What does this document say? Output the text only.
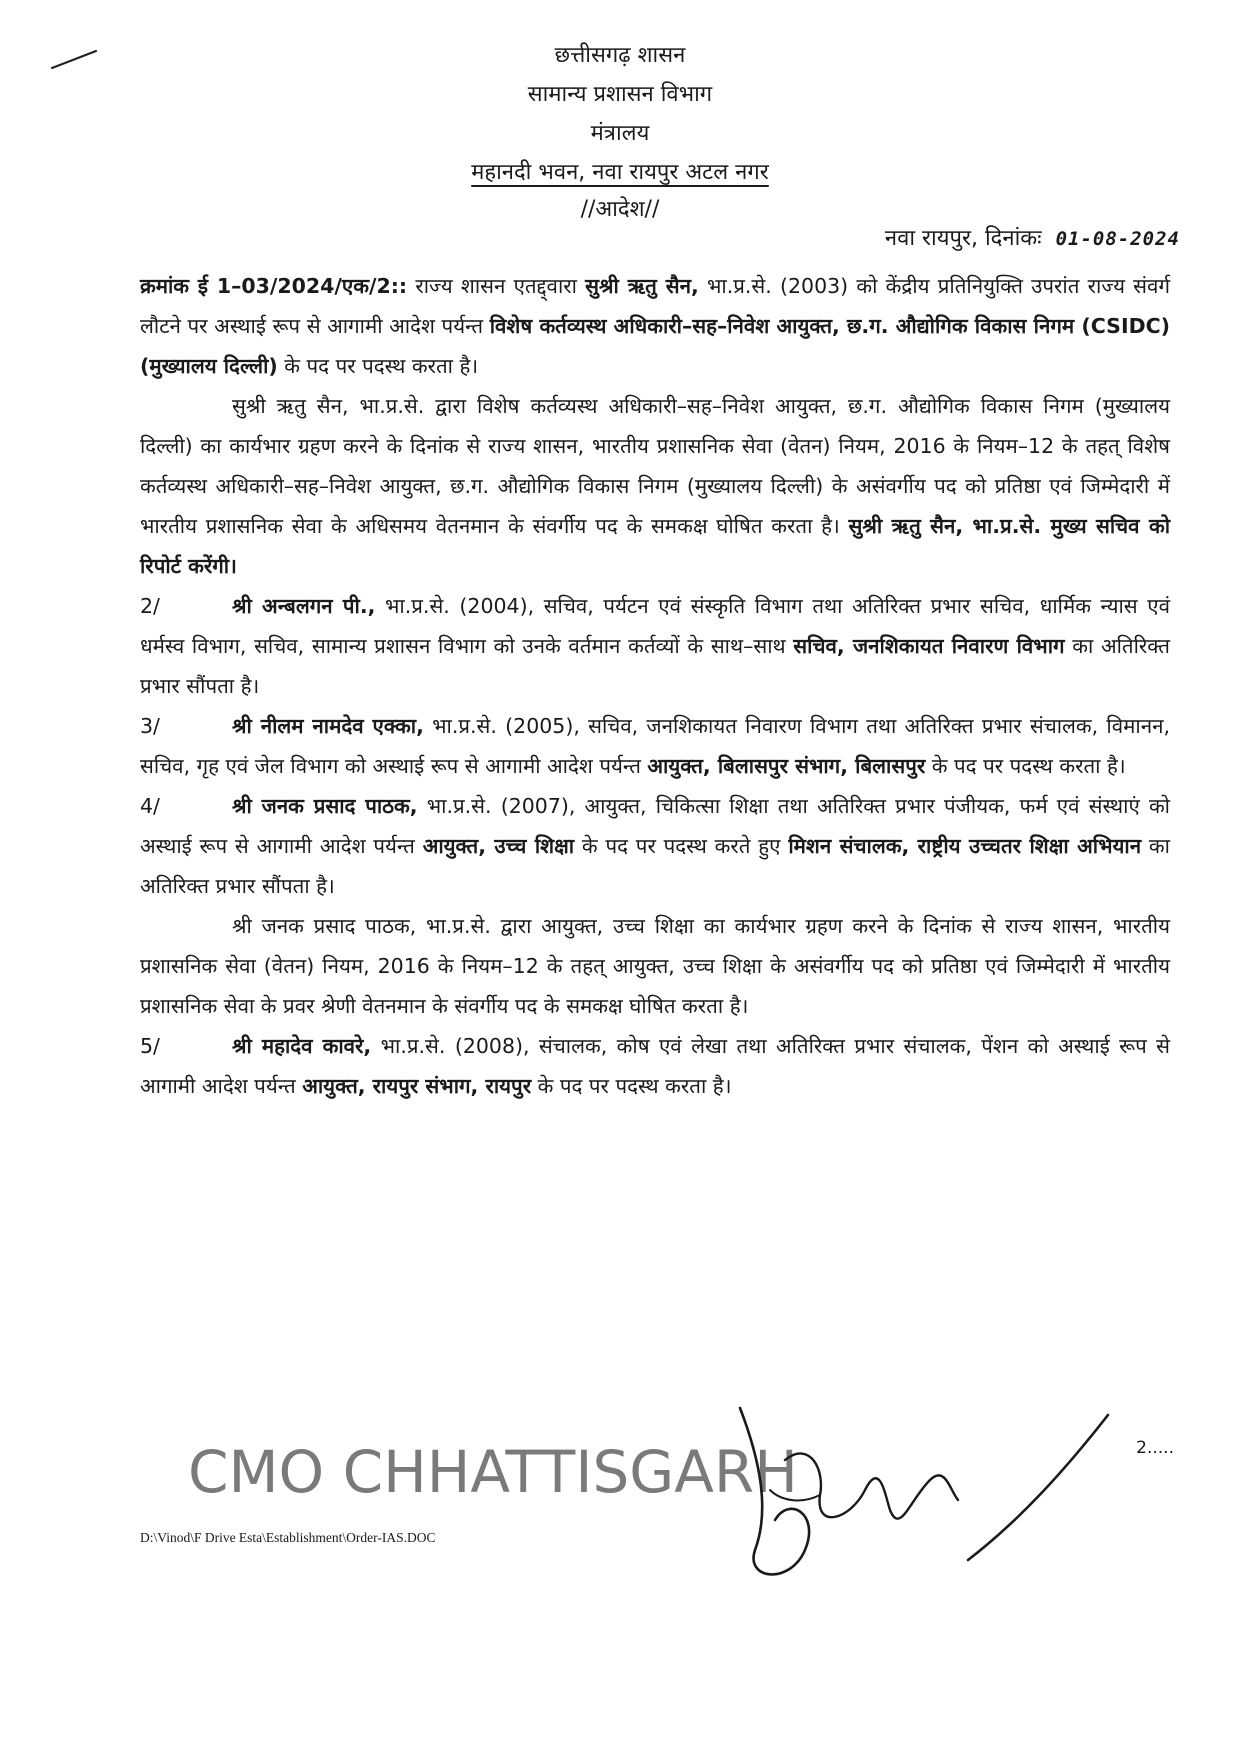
छत्तीसगढ़ शासन
सामान्य प्रशासन विभाग
मंत्रालय
महानदी भवन, नवा रायपुर अटल नगर
//आदेश//
नवा रायपुर, दिनांकः 01-08-2024

क्रमांक ई 1–03/2024/एक/2:: राज्य शासन एतद्द्वारा सुश्री ऋतु सैन, भा.प्र.से. (2003) को केंद्रीय प्रतिनियुक्ति उपरांत राज्य संवर्ग लौटने पर अस्थाई रूप से आगामी आदेश पर्यन्त विशेष कर्तव्यस्थ अधिकारी–सह–निवेश आयुक्त, छ.ग. औद्योगिक विकास निगम (CSIDC) (मुख्यालय दिल्ली) के पद पर पदस्थ करता है।

सुश्री ऋतु सैन, भा.प्र.से. द्वारा विशेष कर्तव्यस्थ अधिकारी–सह–निवेश आयुक्त, छ.ग. औद्योगिक विकास निगम (मुख्यालय दिल्ली) का कार्यभार ग्रहण करने के दिनांक से राज्य शासन, भारतीय प्रशासनिक सेवा (वेतन) नियम, 2016 के नियम–12 के तहत् विशेष कर्तव्यस्थ अधिकारी–सह–निवेश आयुक्त, छ.ग. औद्योगिक विकास निगम (मुख्यालय दिल्ली) के असंवर्गीय पद को प्रतिष्ठा एवं जिम्मेदारी में भारतीय प्रशासनिक सेवा के अधिसमय वेतनमान के संवर्गीय पद के समकक्ष घोषित करता है। सुश्री ऋतु सैन, भा.प्र.से. मुख्य सचिव को रिपोर्ट करेंगी।

2/	श्री अन्बलगन पी., भा.प्र.से. (2004), सचिव, पर्यटन एवं संस्कृति विभाग तथा अतिरिक्त प्रभार सचिव, धार्मिक न्यास एवं धर्मस्व विभाग, सचिव, सामान्य प्रशासन विभाग को उनके वर्तमान कर्तव्यों के साथ–साथ सचिव, जनशिकायत निवारण विभाग का अतिरिक्त प्रभार सौंपता है।

3/	श्री नीलम नामदेव एक्का, भा.प्र.से. (2005), सचिव, जनशिकायत निवारण विभाग तथा अतिरिक्त प्रभार संचालक, विमानन, सचिव, गृह एवं जेल विभाग को अस्थाई रूप से आगामी आदेश पर्यन्त आयुक्त, बिलासपुर संभाग, बिलासपुर के पद पर पदस्थ करता है।

4/	श्री जनक प्रसाद पाठक, भा.प्र.से. (2007), आयुक्त, चिकित्सा शिक्षा तथा अतिरिक्त प्रभार पंजीयक, फर्म एवं संस्थाएं को अस्थाई रूप से आगामी आदेश पर्यन्त आयुक्त, उच्च शिक्षा के पद पर पदस्थ करते हुए मिशन संचालक, राष्ट्रीय उच्चतर शिक्षा अभियान का अतिरिक्त प्रभार सौंपता है।

श्री जनक प्रसाद पाठक, भा.प्र.से. द्वारा आयुक्त, उच्च शिक्षा का कार्यभार ग्रहण करने के दिनांक से राज्य शासन, भारतीय प्रशासनिक सेवा (वेतन) नियम, 2016 के नियम–12 के तहत् आयुक्त, उच्च शिक्षा के असंवर्गीय पद को प्रतिष्ठा एवं जिम्मेदारी में भारतीय प्रशासनिक सेवा के प्रवर श्रेणी वेतनमान के संवर्गीय पद के समकक्ष घोषित करता है।

5/	श्री महादेव कावरे, भा.प्र.से. (2008), संचालक, कोष एवं लेखा तथा अतिरिक्त प्रभार संचालक, पेंशन को अस्थाई रूप से आगामी आदेश पर्यन्त आयुक्त, रायपुर संभाग, रायपुर के पद पर पदस्थ करता है।

CMO CHHATTISGARH	2.....
D:\Vinod\F Drive Esta\Establishment\Order-IAS.DOC
